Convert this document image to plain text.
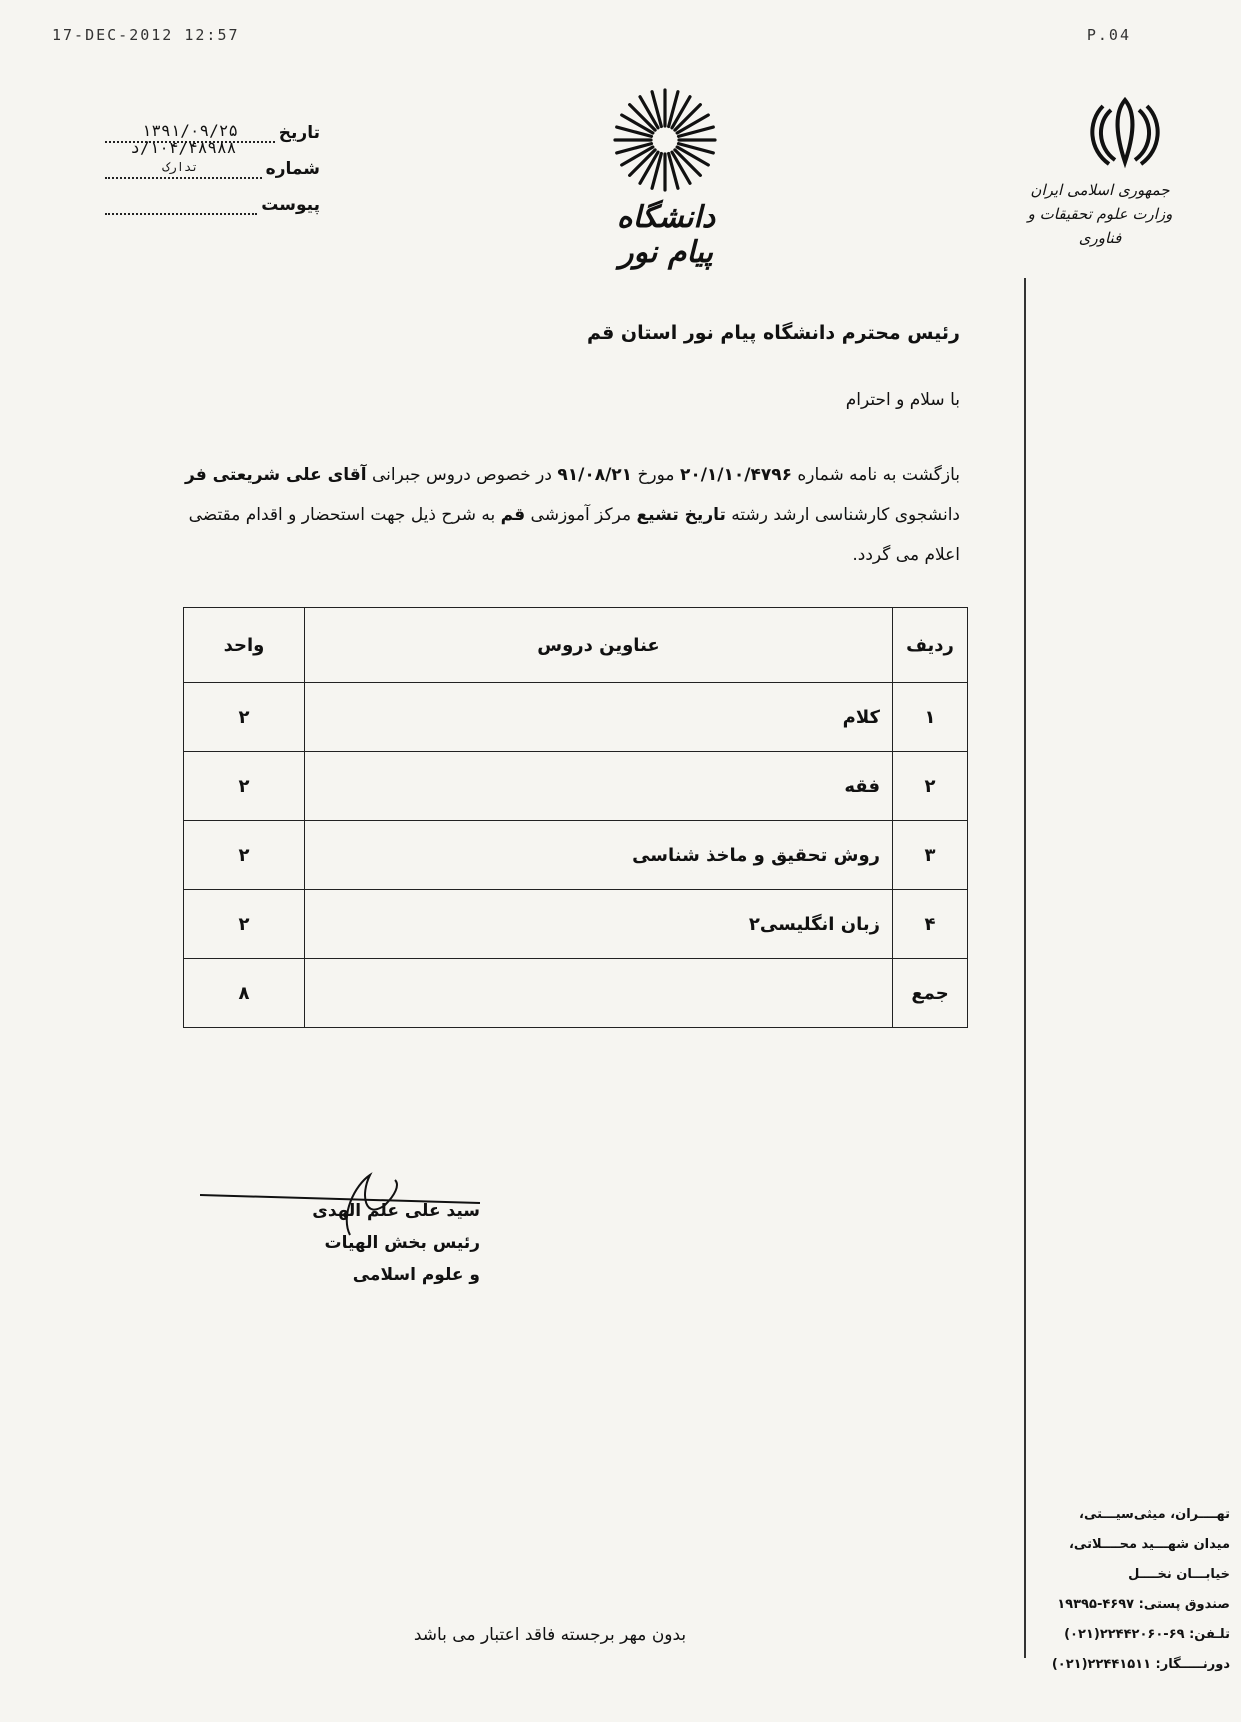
17-DEC-2012 12:57	P.04
تاریخ
۱۳۹۱/۰۹/۲۵
شماره
۱۰۴/۴۸۹۸۸/د تدارک
پیوست	دانشگاه پیام نور
جمهوری اسلامی ایران
وزارت علوم تحقیقات و فناوری
رئیس محترم دانشگاه پیام نور استان قم
با سلام و احترام
بازگشت به نامه شماره ۲۰/۱/۱۰/۴۷۹۶ مورخ ۹۱/۰۸/۲۱ در خصوص دروس جبرانی آقای علی شریعتی فر دانشجوی کارشناسی ارشد رشته تاریخ تشیع مرکز آموزشی قم به شرح ذیل جهت استحضار و اقدام مقتضی اعلام می گردد.
ردیف	عناوین دروس	واحد
۱	کلام	۲
۲	فقه	۲
۳	روش تحقیق و ماخذ شناسی	۲
۴	زبان انگلیسی۲	۲
جمع		۸
سید علی علم الهدی
رئیس بخش الهیات
و علوم اسلامی
بدون مهر برجسته فاقد اعتبار می باشد
تهــــران، میثی‌سیـــتی،
میدان شهـــید محــــلاتی،
خیابـــان نخــــل
صندوق پستی: ۴۶۹۷-۱۹۳۹۵
تلـفن: ۶۹-۲۲۴۴۲۰۶۰(۰۲۱)
دورنـــــگار: ۲۲۴۴۱۵۱۱(۰۲۱)
